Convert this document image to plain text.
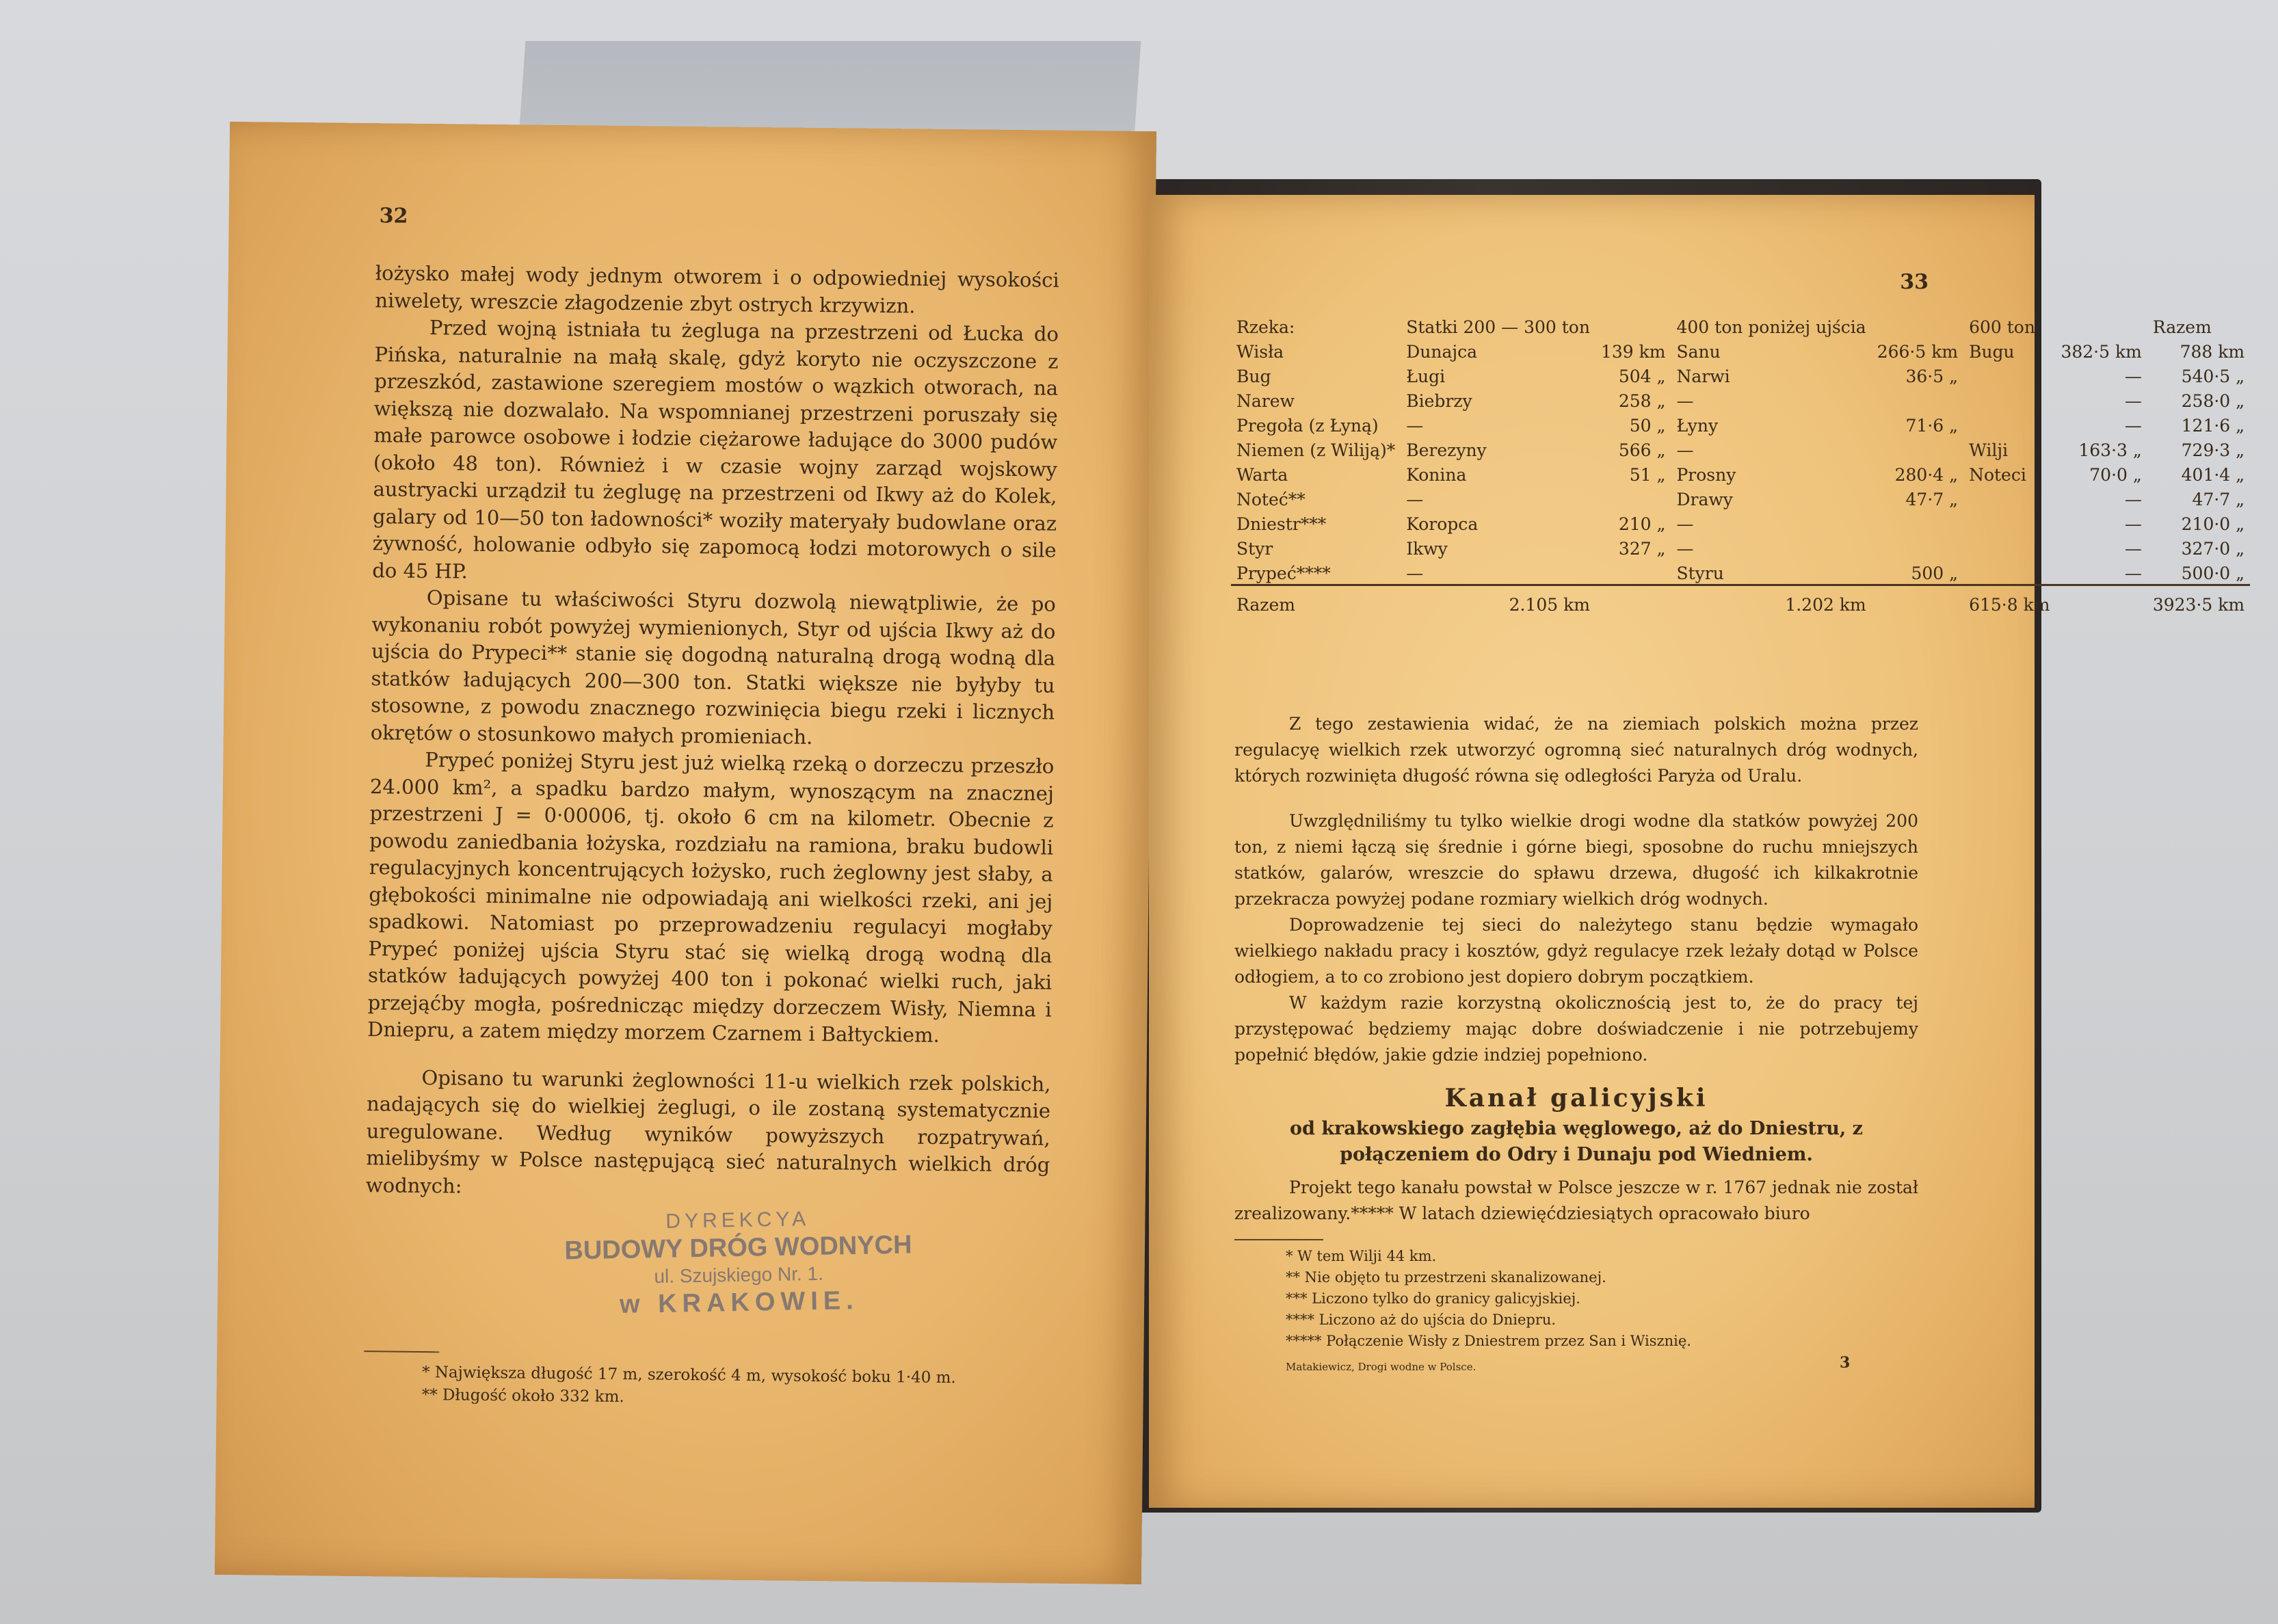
32

łożysko małej wody jednym otworem i o odpowiedniej wysokości niwelety, wreszcie złagodzenie zbyt ostrych krzywizn.

Przed wojną istniała tu żegluga na przestrzeni od Łucka do Pińska, naturalnie na małą skalę, gdyż koryto nie oczyszczone z przeszkód, zastawione szeregiem mostów o wązkich otworach, na większą nie dozwalało. Na wspomnianej przestrzeni poruszały się małe parowce osobowe i łodzie ciężarowe ładujące do 3000 pudów (około 48 ton). Również i w czasie wojny zarząd wojskowy austryacki urządził tu żeglugę na przestrzeni od Ikwy aż do Kolek, galary od 10—50 ton ładowności* woziły materyały budowlane oraz żywność, holowanie odbyło się zapomocą łodzi motorowych o sile do 45 HP.

Opisane tu właściwości Styru dozwolą niewątpliwie, że po wykonaniu robót powyżej wymienionych, Styr od ujścia Ikwy aż do ujścia do Prypeci** stanie się dogodną naturalną drogą wodną dla statków ładujących 200—300 ton. Statki większe nie byłyby tu stosowne, z powodu znacznego rozwinięcia biegu rzeki i licznych okrętów o stosunkowo małych promieniach.

Prypeć poniżej Styru jest już wielką rzeką o dorzeczu przeszło 24.000 km², a spadku bardzo małym, wynoszącym na znacznej przestrzeni J = 0·00006, tj. około 6 cm na kilometr. Obecnie z powodu zaniedbania łożyska, rozdziału na ramiona, braku budowli regulacyjnych koncentrujących łożysko, ruch żeglowny jest słaby, a głębokości minimalne nie odpowiadają ani wielkości rzeki, ani jej spadkowi. Natomiast po przeprowadzeniu regulacyi mogłaby Prypeć poniżej ujścia Styru stać się wielką drogą wodną dla statków ładujących powyżej 400 ton i pokonać wielki ruch, jaki przejąćby mogła, pośrednicząc między dorzeczem Wisły, Niemna i Dniepru, a zatem między morzem Czarnem i Bałtyckiem.

Opisano tu warunki żeglowności 11-u wielkich rzek polskich, nadających się do wielkiej żeglugi, o ile zostaną systematycznie uregulowane. Według wyników powyższych rozpatrywań, mielibyśmy w Polsce następującą sieć naturalnych wielkich dróg wodnych:

* Największa długość 17 m, szerokość 4 m, wysokość boku 1·40 m.
** Długość około 332 km.
DYREKCYA
BUDOWY DRÓG WODNYCH
ul. Szujskiego Nr. 1.
w KRAKOWIE.
33
Rzeka:	Statki 200 — 300 ton		400 ton poniżej ujścia		600 ton		Razem
Wisła	Dunajca	139 km	Sanu	266·5 km	Bugu	382·5 km	788 km
Bug	Ługi	504 „	Narwi	36·5 „		—	540·5 „
Narew	Biebrzy	258 „	—			—	258·0 „
Pregoła (z Łyną)	—	50 „	Łyny	71·6 „		—	121·6 „
Niemen (z Wiliją)*	Berezyny	566 „	—		Wilji	163·3 „	729·3 „
Warta	Konina	51 „	Prosny	280·4 „	Noteci	70·0 „	401·4 „
Noteć**	—		Drawy	47·7 „		—	47·7 „
Dniestr***	Koropca	210 „	—			—	210·0 „
Styr	Ikwy	327 „	—			—	327·0 „
Prypeć****	—		Styru	500 „		—	500·0 „
Razem	2.105 km		1.202 km		615·8 km		3923·5 km

Z tego zestawienia widać, że na ziemiach polskich można przez regulacyę wielkich rzek utworzyć ogromną sieć naturalnych dróg wodnych, których rozwinięta długość równa się odległości Paryża od Uralu.

Uwzględniliśmy tu tylko wielkie drogi wodne dla statków powyżej 200 ton, z niemi łączą się średnie i górne biegi, sposobne do ruchu mniejszych statków, galarów, wreszcie do spławu drzewa, długość ich kilkakrotnie przekracza powyżej podane rozmiary wielkich dróg wodnych.

Doprowadzenie tej sieci do należytego stanu będzie wymagało wielkiego nakładu pracy i kosztów, gdyż regulacye rzek leżały dotąd w Polsce odłogiem, a to co zrobiono jest dopiero dobrym początkiem.

W każdym razie korzystną okolicznością jest to, że do pracy tej przystępować będziemy mając dobre doświadczenie i nie potrzebujemy popełnić błędów, jakie gdzie indziej popełniono.

Kanał galicyjski
od krakowskiego zagłębia węglowego, aż do Dniestru, z połączeniem do Odry i Dunaju pod Wiedniem.

Projekt tego kanału powstał w Polsce jeszcze w r. 1767 jednak nie został zrealizowany.***** W latach dziewięćdziesiątych opracowało biuro

* W tem Wilji 44 km.
** Nie objęto tu przestrzeni skanalizowanej.
*** Liczono tylko do granicy galicyjskiej.
**** Liczono aż do ujścia do Dniepru.
***** Połączenie Wisły z Dniestrem przez San i Wisznię.
Matakiewicz, Drogi wodne w Polsce.	3
